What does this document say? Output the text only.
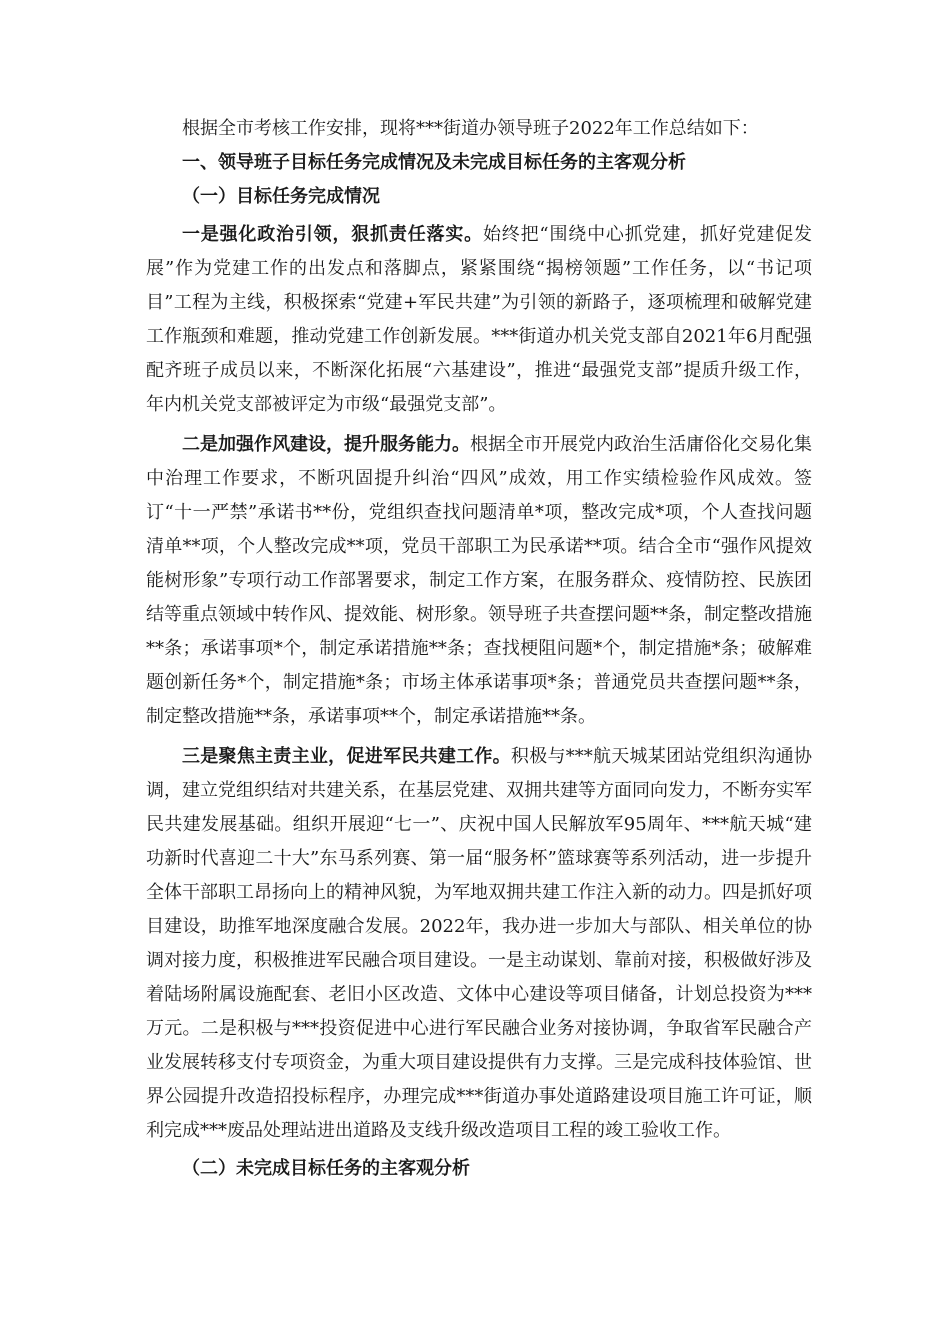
根据全市考核工作安排，现将***街道办领导班子2022年工作总结如下：

一、领导班子目标任务完成情况及未完成目标任务的主客观分析

（一）目标任务完成情况

一是强化政治引领，狠抓责任落实。始终把“围绕中心抓党建，抓好党建促发展”作为党建工作的出发点和落脚点，紧紧围绕“揭榜领题”工作任务，以“书记项目”工程为主线，积极探索“党建+军民共建”为引领的新路子，逐项梳理和破解党建工作瓶颈和难题，推动党建工作创新发展。***街道办机关党支部自2021年6月配强配齐班子成员以来，不断深化拓展“六基建设”，推进“最强党支部”提质升级工作，年内机关党支部被评定为市级“最强党支部”。

二是加强作风建设，提升服务能力。根据全市开展党内政治生活庸俗化交易化集中治理工作要求，不断巩固提升纠治“四风”成效，用工作实绩检验作风成效。签订“十一严禁”承诺书**份，党组织查找问题清单*项，整改完成*项，个人查找问题清单**项，个人整改完成**项，党员干部职工为民承诺**项。结合全市“强作风提效能树形象”专项行动工作部署要求，制定工作方案，在服务群众、疫情防控、民族团结等重点领域中转作风、提效能、树形象。领导班子共查摆问题**条，制定整改措施**条；承诺事项*个，制定承诺措施**条；查找梗阻问题*个，制定措施*条；破解难题创新任务*个，制定措施*条；市场主体承诺事项*条；普通党员共查摆问题**条，制定整改措施**条，承诺事项**个，制定承诺措施**条。

三是聚焦主责主业，促进军民共建工作。积极与***航天城某团站党组织沟通协调，建立党组织结对共建关系，在基层党建、双拥共建等方面同向发力，不断夯实军民共建发展基础。组织开展迎“七一”、庆祝中国人民解放军95周年、***航天城“建功新时代喜迎二十大”东马系列赛、第一届“服务杯”篮球赛等系列活动，进一步提升全体干部职工昂扬向上的精神风貌，为军地双拥共建工作注入新的动力。四是抓好项目建设，助推军地深度融合发展。2022年，我办进一步加大与部队、相关单位的协调对接力度，积极推进军民融合项目建设。一是主动谋划、靠前对接，积极做好涉及着陆场附属设施配套、老旧小区改造、文体中心建设等项目储备，计划总投资为***万元。二是积极与***投资促进中心进行军民融合业务对接协调，争取省军民融合产业发展转移支付专项资金，为重大项目建设提供有力支撑。三是完成科技体验馆、世界公园提升改造招投标程序，办理完成***街道办事处道路建设项目施工许可证，顺利完成***废品处理站进出道路及支线升级改造项目工程的竣工验收工作。

（二）未完成目标任务的主客观分析
